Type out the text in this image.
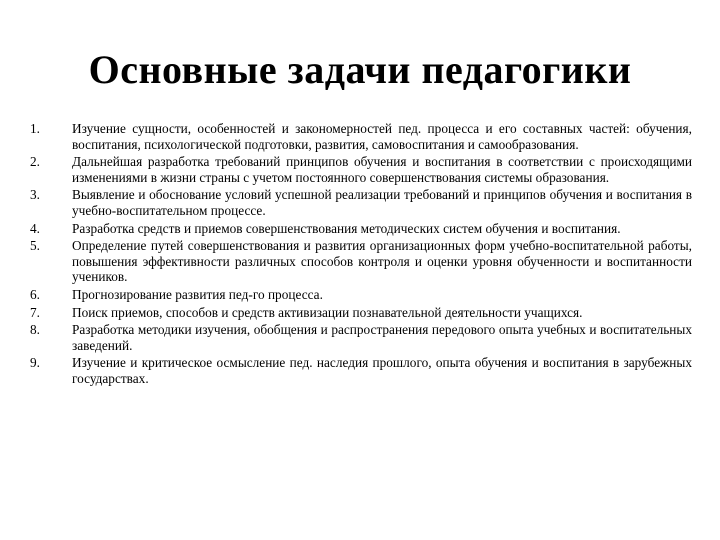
Основные задачи педагогики
1.	Изучение сущности, особенностей и закономерностей пед. процесса и его составных частей: обучения, воспитания, психологической подготовки, развития, самовоспитания и самообразования.
2.	Дальнейшая разработка требований принципов обучения и воспитания в соответствии с происходящими изменениями в жизни страны с учетом постоянного совершенствования системы образования.
3.	Выявление и обоснование условий успешной реализации требований и принципов обучения и воспитания в учебно-воспитательном процессе.
4.	Разработка средств и приемов совершенствования методических систем обучения и воспитания.
5.	Определение путей совершенствования и развития организационных форм учебно-воспитательной работы, повышения эффективности различных способов контроля и оценки уровня обученности и воспитанности учеников.
6.	Прогнозирование развития пед-го процесса.
7.	Поиск приемов, способов и средств активизации познавательной деятельности учащихся.
8.	Разработка методики изучения, обобщения и распространения передового опыта учебных и воспитательных заведений.
9.	Изучение и критическое осмысление пед. наследия прошлого, опыта обучения и воспитания в зарубежных государствах.
